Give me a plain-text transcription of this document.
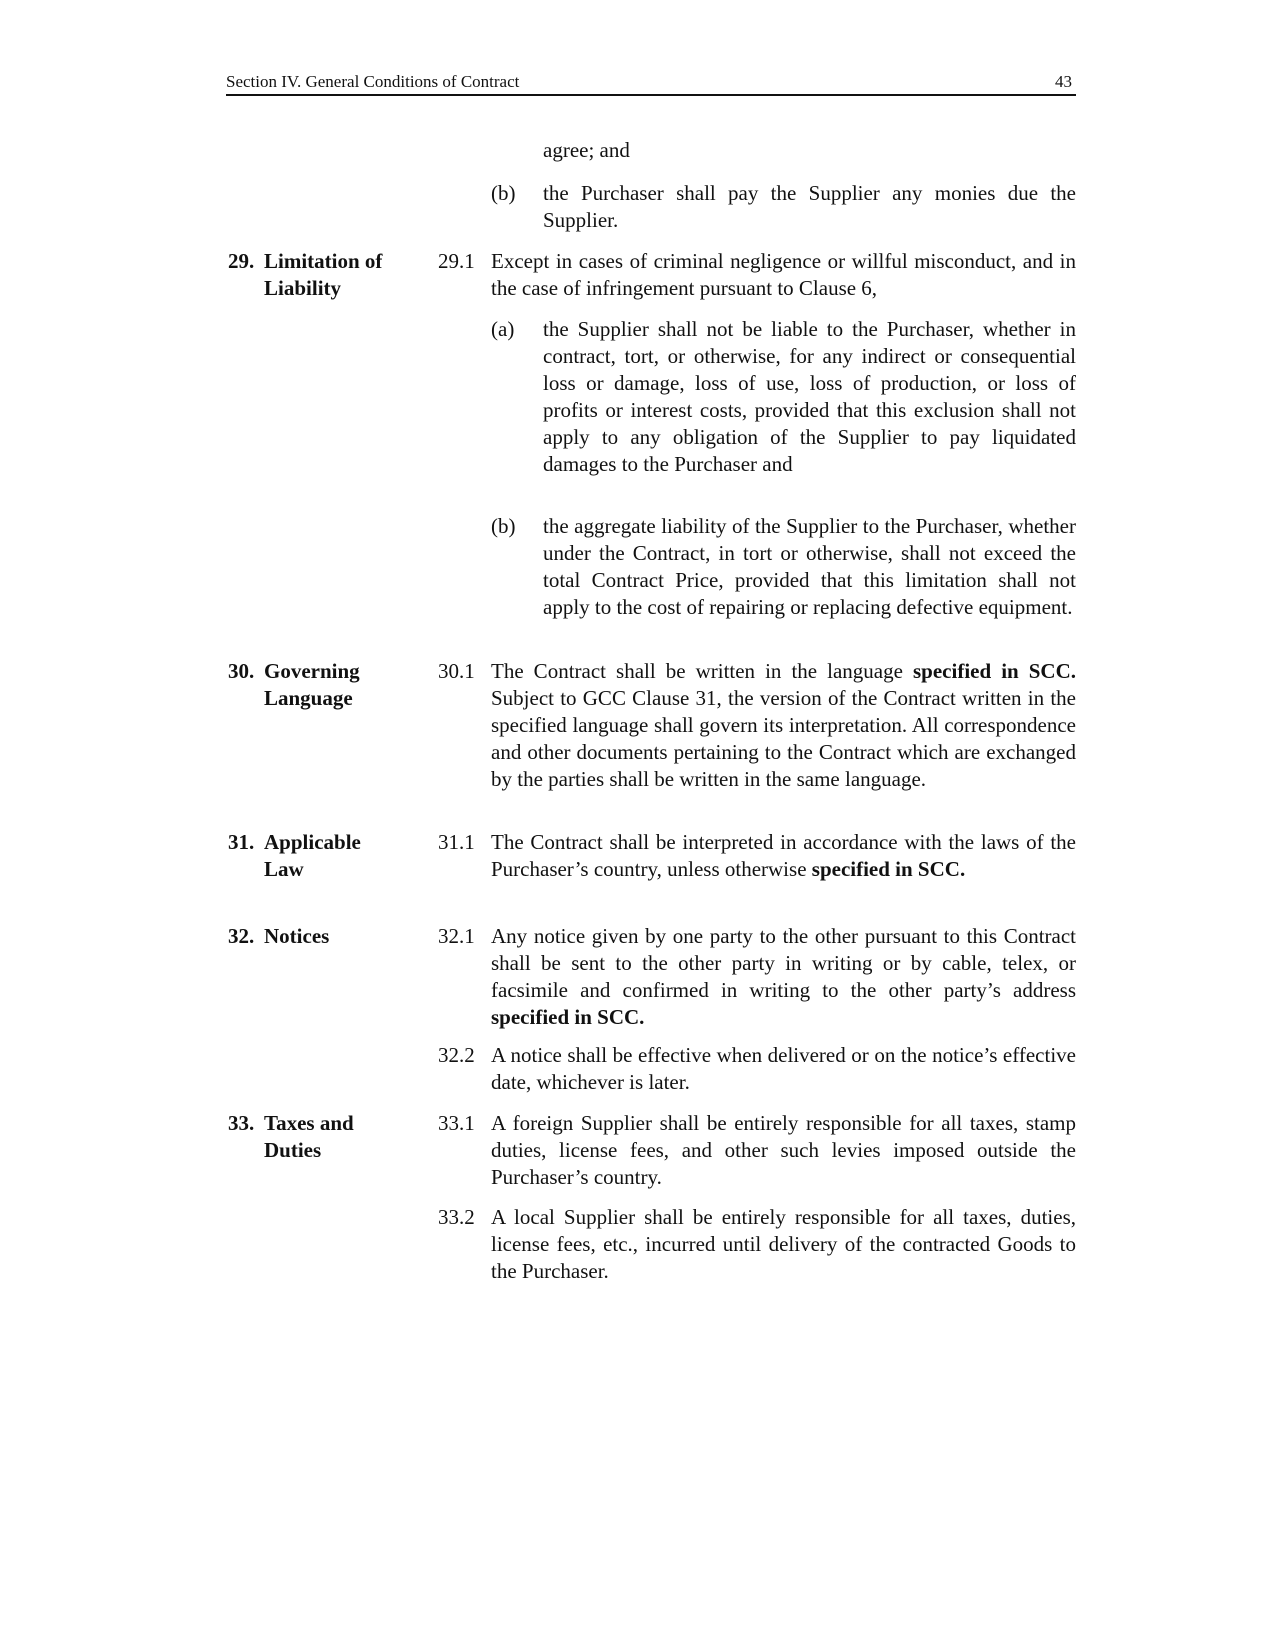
Section IV. General Conditions of Contract	43
agree; and
(b) the Purchaser shall pay the Supplier any monies due the Supplier.
29. Limitation of
Liability
29.1 Except in cases of criminal negligence or willful misconduct, and in the case of infringement pursuant to Clause 6,
(a) the Supplier shall not be liable to the Purchaser, whether in contract, tort, or otherwise, for any indirect or consequential loss or damage, loss of use, loss of production, or loss of profits or interest costs, provided that this exclusion shall not apply to any obligation of the Supplier to pay liquidated damages to the Purchaser and
(b) the aggregate liability of the Supplier to the Purchaser, whether under the Contract, in tort or otherwise, shall not exceed the total Contract Price, provided that this limitation shall not apply to the cost of repairing or replacing defective equipment.
30. Governing
Language
30.1 The Contract shall be written in the language specified in SCC. Subject to GCC Clause 31, the version of the Contract written in the specified language shall govern its interpretation. All correspondence and other documents pertaining to the Contract which are exchanged by the parties shall be written in the same language.
31. Applicable
Law
31.1 The Contract shall be interpreted in accordance with the laws of the Purchaser’s country, unless otherwise specified in SCC.
32. Notices	32.1 Any notice given by one party to the other pursuant to this Contract shall be sent to the other party in writing or by cable, telex, or facsimile and confirmed in writing to the other party’s address specified in SCC.
32.2 A notice shall be effective when delivered or on the notice’s effective date, whichever is later.
33. Taxes and
Duties
33.1 A foreign Supplier shall be entirely responsible for all taxes, stamp duties, license fees, and other such levies imposed outside the Purchaser’s country.
33.2 A local Supplier shall be entirely responsible for all taxes, duties, license fees, etc., incurred until delivery of the contracted Goods to the Purchaser.
